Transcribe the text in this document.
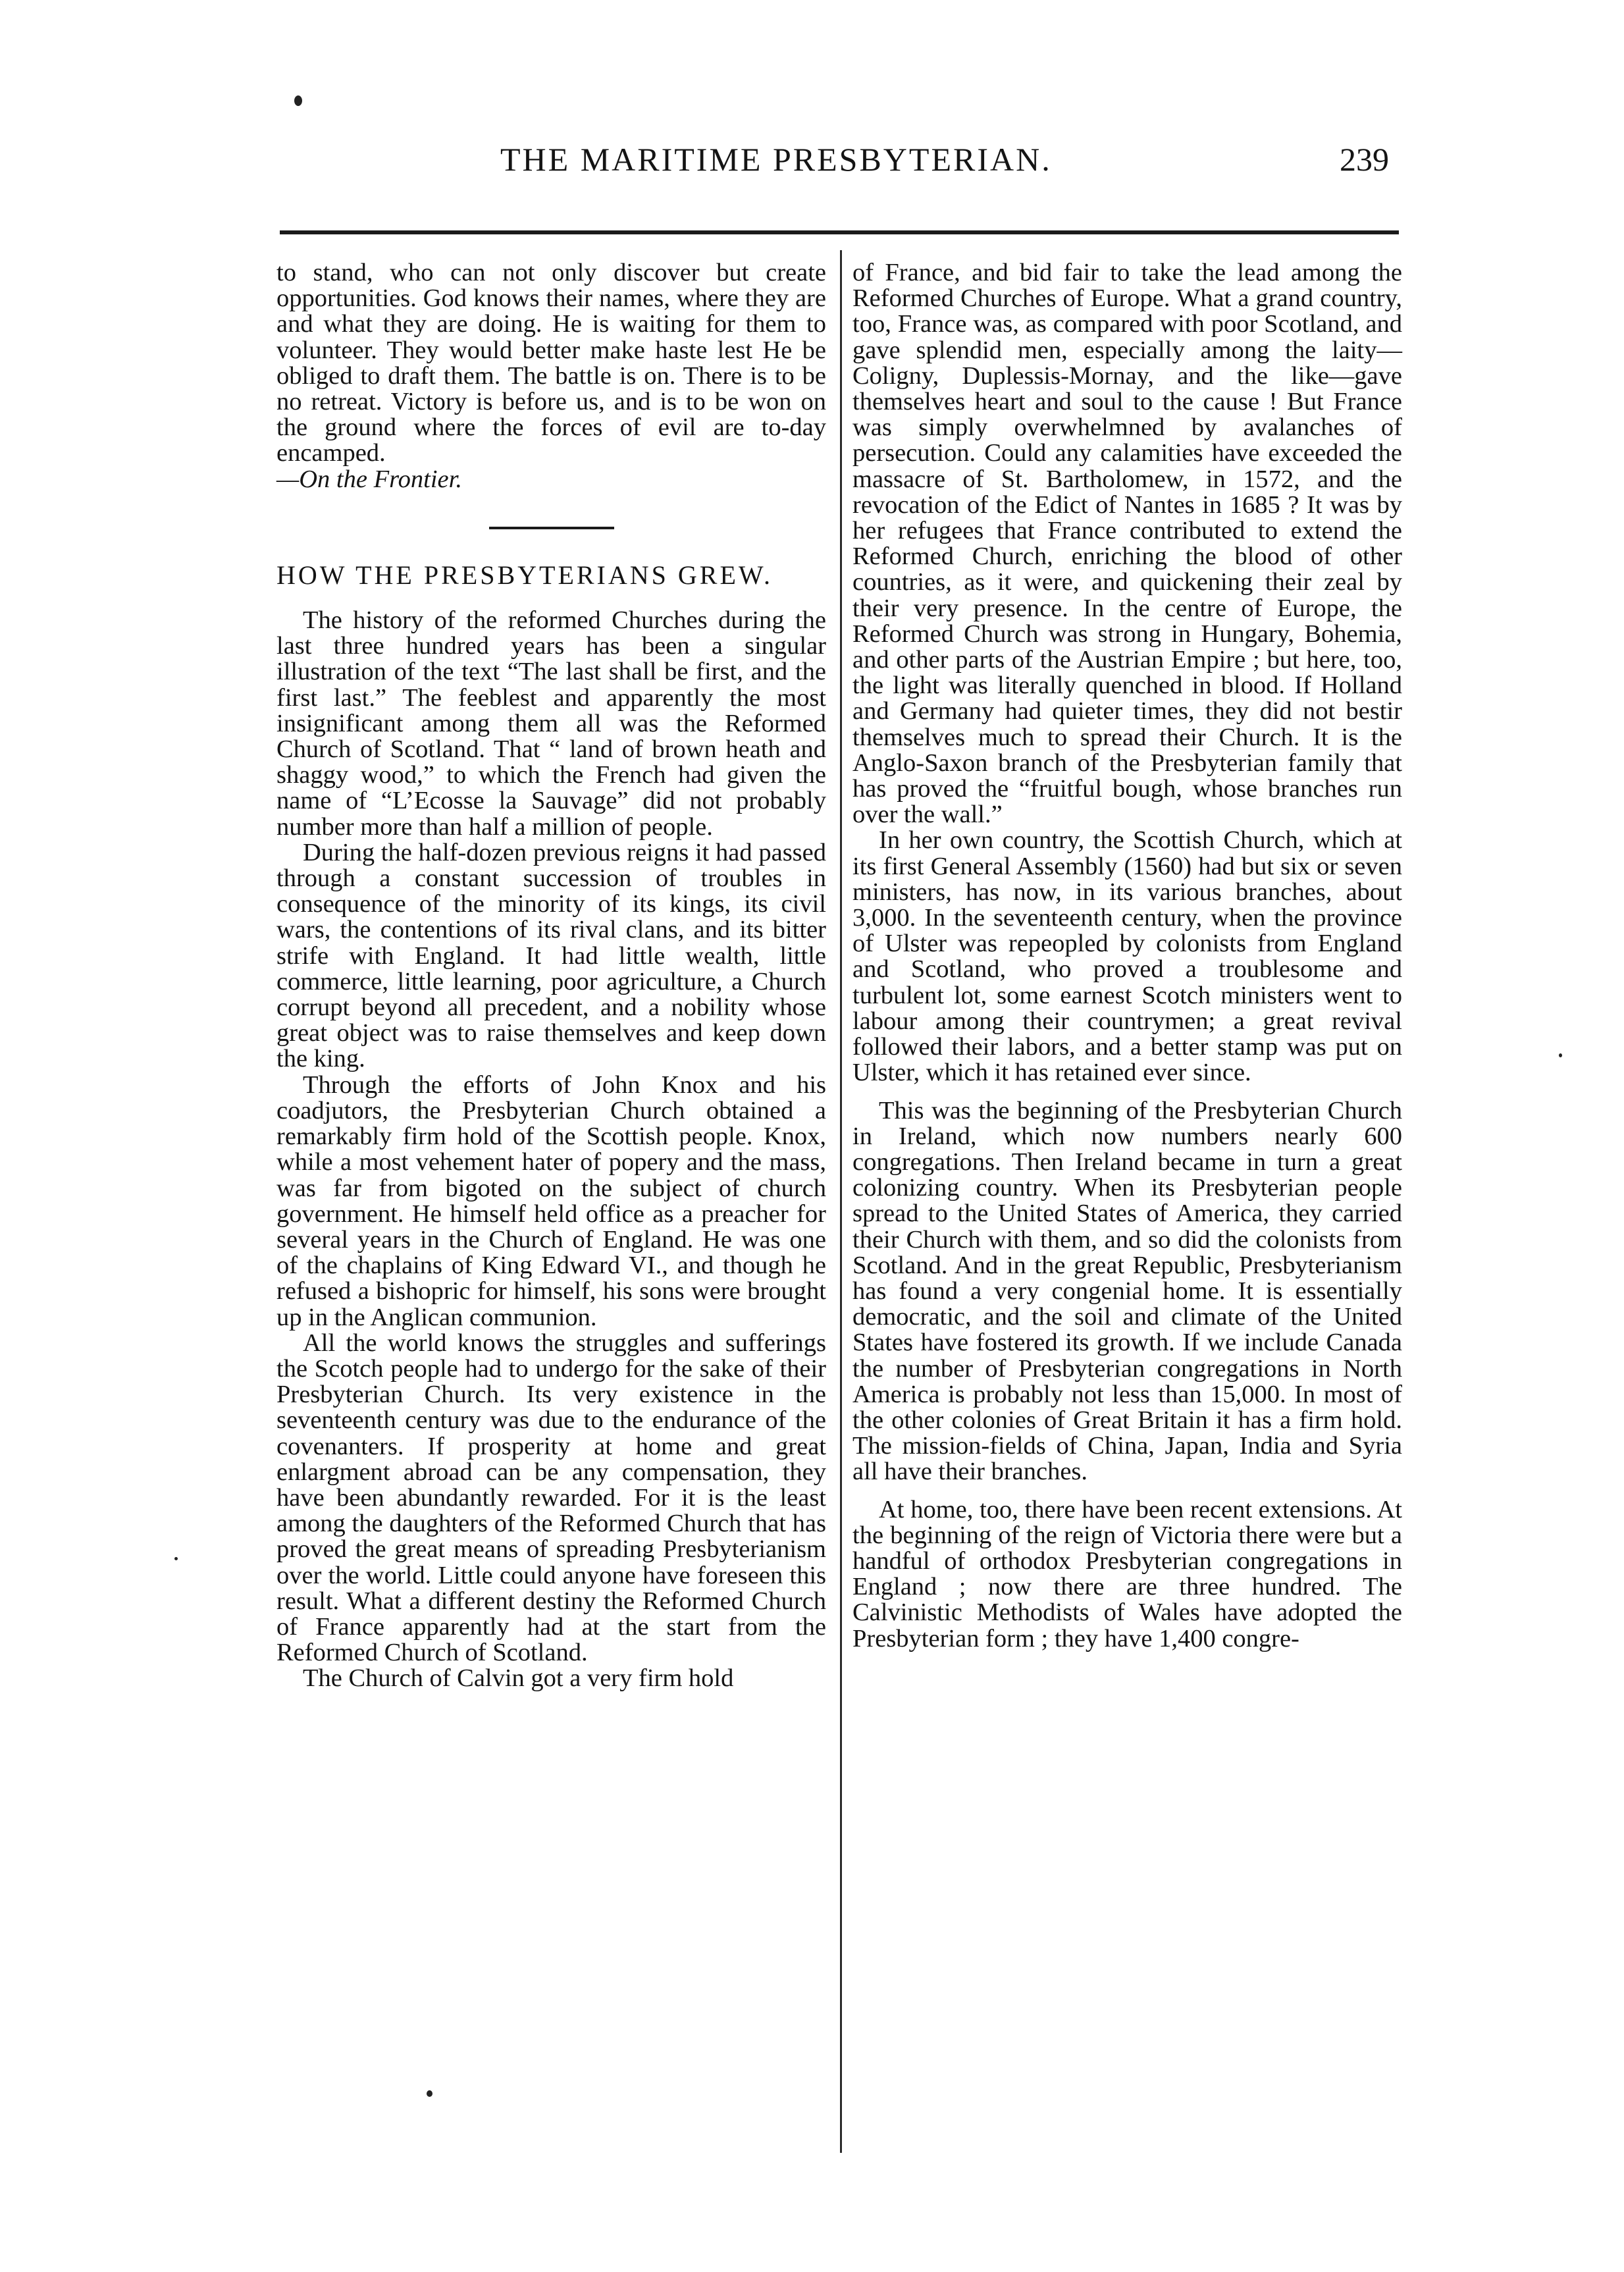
THE MARITIME PRESBYTERIAN.	239

to stand, who can not only discover but create opportunities. God knows their names, where they are and what they are doing. He is waiting for them to volunteer. They would better make haste lest He be obliged to draft them. The battle is on. There is to be no retreat. Victory is before us, and is to be won on the ground where the forces of evil are to-day encamped.

—On the Frontier.

HOW THE PRESBYTERIANS GREW.

The history of the reformed Churches during the last three hundred years has been a singular illustration of the text “The last shall be first, and the first last.” The feeblest and apparently the most insignificant among them all was the Reformed Church of Scotland. That “ land of brown heath and shaggy wood,” to which the French had given the name of “L’Ecosse la Sauvage” did not probably number more than half a million of people.

During the half-dozen previous reigns it had passed through a constant succession of troubles in consequence of the minority of its kings, its civil wars, the contentions of its rival clans, and its bitter strife with England. It had little wealth, little commerce, little learning, poor agriculture, a Church corrupt beyond all precedent, and a nobility whose great object was to raise themselves and keep down the king.

Through the efforts of John Knox and his coadjutors, the Presbyterian Church obtained a remarkably firm hold of the Scottish people. Knox, while a most vehement hater of popery and the mass, was far from bigoted on the subject of church government. He himself held office as a preacher for several years in the Church of England. He was one of the chaplains of King Edward VI., and though he refused a bishopric for himself, his sons were brought up in the Anglican communion.

All the world knows the struggles and sufferings the Scotch people had to undergo for the sake of their Presbyterian Church. Its very existence in the seventeenth century was due to the endurance of the covenanters. If prosperity at home and great enlargment abroad can be any compensation, they have been abundantly rewarded. For it is the least among the daughters of the Reformed Church that has proved the great means of spreading Presbyterianism over the world. Little could anyone have foreseen this result. What a different destiny the Reformed Church of France apparently had at the start from the Reformed Church of Scotland.

The Church of Calvin got a very firm hold

of France, and bid fair to take the lead among the Reformed Churches of Europe. What a grand country, too, France was, as compared with poor Scotland, and gave splendid men, especially among the laity—Coligny, Duplessis-Mornay, and the like—gave themselves heart and soul to the cause ! But France was simply overwhelmned by avalanches of persecution. Could any calamities have exceeded the massacre of St. Bartholomew, in 1572, and the revocation of the Edict of Nantes in 1685 ? It was by her refugees that France contributed to extend the Reformed Church, enriching the blood of other countries, as it were, and quickening their zeal by their very presence. In the centre of Europe, the Reformed Church was strong in Hungary, Bohemia, and other parts of the Austrian Empire ; but here, too, the light was literally quenched in blood. If Holland and Germany had quieter times, they did not bestir themselves much to spread their Church. It is the Anglo-Saxon branch of the Presbyterian family that has proved the “fruitful bough, whose branches run over the wall.”

In her own country, the Scottish Church, which at its first General Assembly (1560) had but six or seven ministers, has now, in its various branches, about 3,000. In the seventeenth century, when the province of Ulster was repeopled by colonists from England and Scotland, who proved a troublesome and turbulent lot, some earnest Scotch ministers went to labour among their countrymen; a great revival followed their labors, and a better stamp was put on Ulster, which it has retained ever since.

This was the beginning of the Presbyterian Church in Ireland, which now numbers nearly 600 congregations. Then Ireland became in turn a great colonizing country. When its Presbyterian people spread to the United States of America, they carried their Church with them, and so did the colonists from Scotland. And in the great Republic, Presbyterianism has found a very congenial home. It is essentially democratic, and the soil and climate of the United States have fostered its growth. If we include Canada the number of Presbyterian congregations in North America is probably not less than 15,000. In most of the other colonies of Great Britain it has a firm hold. The mission-fields of China, Japan, India and Syria all have their branches.

At home, too, there have been recent extensions. At the beginning of the reign of Victoria there were but a handful of orthodox Presbyterian congregations in England ; now there are three hundred. The Calvinistic Methodists of Wales have adopted the Presbyterian form ; they have 1,400 congre-
